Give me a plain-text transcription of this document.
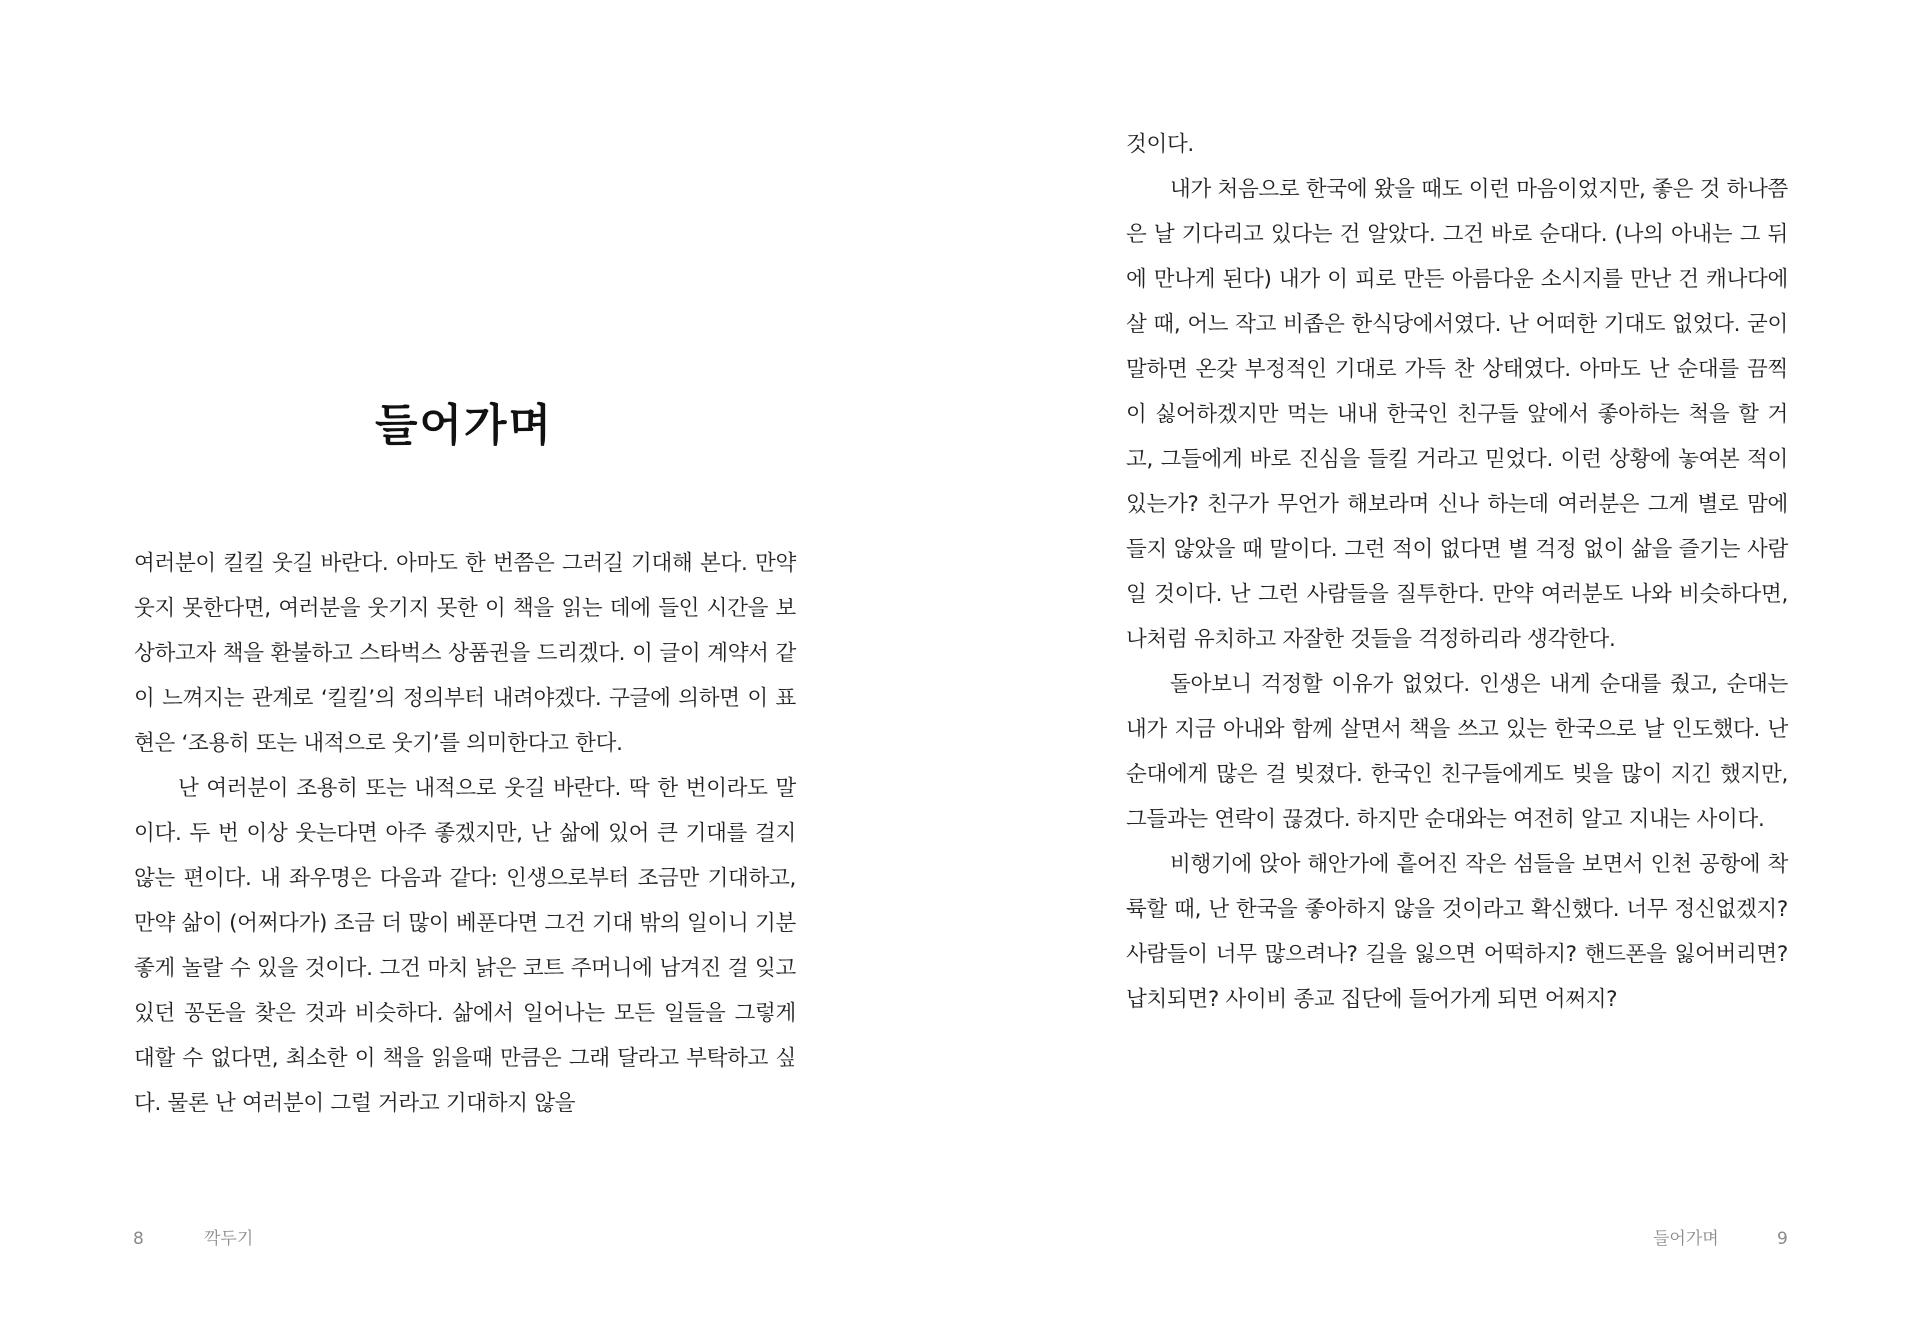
들어가며

여러분이 킬킬 웃길 바란다. 아마도 한 번쯤은 그러길 기대해 본다. 만약 웃지 못한다면, 여러분을 웃기지 못한 이 책을 읽는 데에 들인 시간을 보상하고자 책을 환불하고 스타벅스 상품권을 드리겠다. 이 글이 계약서 같이 느껴지는 관계로 ‘킬킬’의 정의부터 내려야겠다. 구글에 의하면 이 표현은 ‘조용히 또는 내적으로 웃기’를 의미한다고 한다.

난 여러분이 조용히 또는 내적으로 웃길 바란다. 딱 한 번이라도 말이다. 두 번 이상 웃는다면 아주 좋겠지만, 난 삶에 있어 큰 기대를 걸지 않는 편이다. 내 좌우명은 다음과 같다: 인생으로부터 조금만 기대하고, 만약 삶이 (어쩌다가) 조금 더 많이 베푼다면 그건 기대 밖의 일이니 기분 좋게 놀랄 수 있을 것이다. 그건 마치 낡은 코트 주머니에 남겨진 걸 잊고 있던 꽁돈을 찾은 것과 비슷하다. 삶에서 일어나는 모든 일들을 그렇게 대할 수 없다면, 최소한 이 책을 읽을때 만큼은 그래 달라고 부탁하고 싶다. 물론 난 여러분이 그럴 거라고 기대하지 않을

8	깍두기

것이다.

내가 처음으로 한국에 왔을 때도 이런 마음이었지만, 좋은 것 하나쯤은 날 기다리고 있다는 건 알았다. 그건 바로 순대다. (나의 아내는 그 뒤에 만나게 된다) 내가 이 피로 만든 아름다운 소시지를 만난 건 캐나다에 살 때, 어느 작고 비좁은 한식당에서였다. 난 어떠한 기대도 없었다. 굳이 말하면 온갖 부정적인 기대로 가득 찬 상태였다. 아마도 난 순대를 끔찍이 싫어하겠지만 먹는 내내 한국인 친구들 앞에서 좋아하는 척을 할 거고, 그들에게 바로 진심을 들킬 거라고 믿었다. 이런 상황에 놓여본 적이 있는가? 친구가 무언가 해보라며 신나 하는데 여러분은 그게 별로 맘에 들지 않았을 때 말이다. 그런 적이 없다면 별 걱정 없이 삶을 즐기는 사람일 것이다. 난 그런 사람들을 질투한다. 만약 여러분도 나와 비슷하다면, 나처럼 유치하고 자잘한 것들을 걱정하리라 생각한다.

돌아보니 걱정할 이유가 없었다. 인생은 내게 순대를 줬고, 순대는 내가 지금 아내와 함께 살면서 책을 쓰고 있는 한국으로 날 인도했다. 난 순대에게 많은 걸 빚졌다. 한국인 친구들에게도 빚을 많이 지긴 했지만, 그들과는 연락이 끊겼다. 하지만 순대와는 여전히 알고 지내는 사이다.

비행기에 앉아 해안가에 흩어진 작은 섬들을 보면서 인천 공항에 착륙할 때, 난 한국을 좋아하지 않을 것이라고 확신했다. 너무 정신없겠지? 사람들이 너무 많으려나? 길을 잃으면 어떡하지? 핸드폰을 잃어버리면? 납치되면? 사이비 종교 집단에 들어가게 되면 어쩌지?

들어가며	9
